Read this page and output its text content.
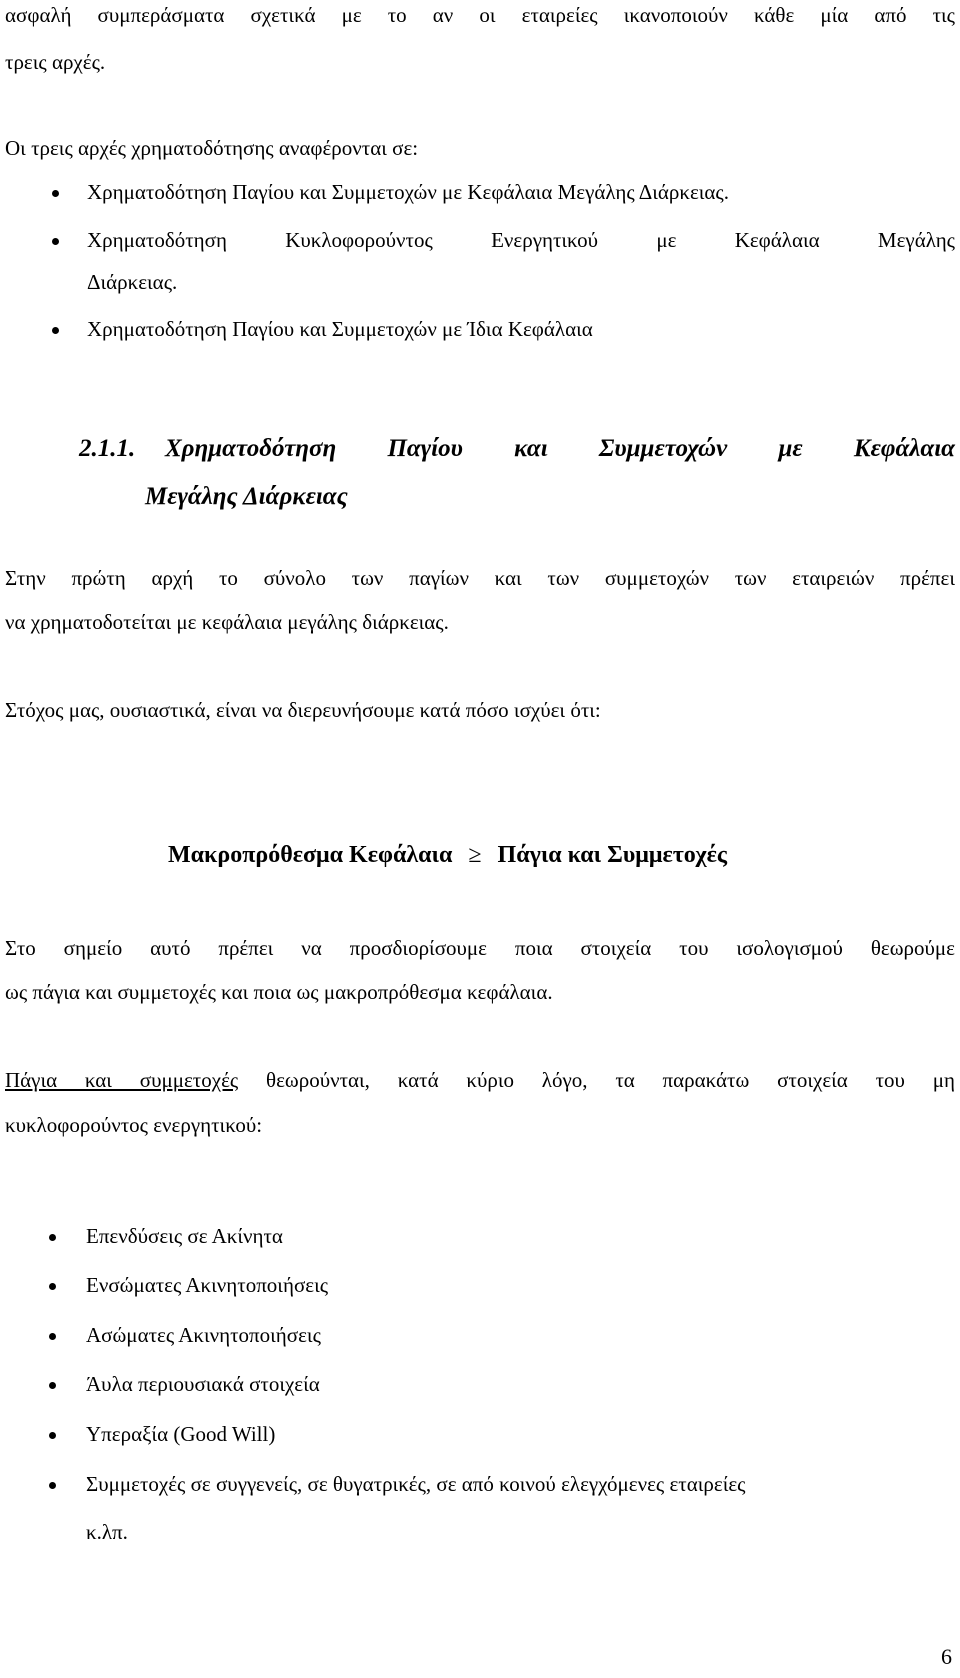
ασφαλή συμπεράσματα σχετικά με το αν οι εταιρείες ικανοποιούν κάθε μία από τις
τρεις αρχές.
Οι τρεις αρχές χρηματοδότησης αναφέρονται σε:
Χρηματοδότηση Παγίου και Συμμετοχών με Κεφάλαια Μεγάλης Διάρκειας.
Χρηματοδότηση Κυκλοφορούντος Ενεργητικού με Κεφάλαια Μεγάλης
Διάρκειας.
Χρηματοδότηση Παγίου και Συμμετοχών με Ίδια Κεφάλαια
2.1.1. Χρηματοδότηση Παγίου και Συμμετοχών με Κεφάλαια
Μεγάλης Διάρκειας
Στην πρώτη αρχή το σύνολο των παγίων και των συμμετοχών των εταιρειών πρέπει
να χρηματοδοτείται με κεφάλαια μεγάλης διάρκειας.
Στόχος μας, ουσιαστικά, είναι να διερευνήσουμε κατά πόσο ισχύει ότι:
Μακροπρόθεσμα Κεφάλαια ≥ Πάγια και Συμμετοχές
Στο σημείο αυτό πρέπει να προσδιορίσουμε ποια στοιχεία του ισολογισμού θεωρούμε
ως πάγια και συμμετοχές και ποια ως μακροπρόθεσμα κεφάλαια.
Πάγια και συμμετοχές θεωρούνται, κατά κύριο λόγο, τα παρακάτω στοιχεία του μη
κυκλοφορούντος ενεργητικού:
Επενδύσεις σε Ακίνητα
Ενσώματες Ακινητοποιήσεις
Ασώματες Ακινητοποιήσεις
Άυλα περιουσιακά στοιχεία
Υπεραξία (Good Will)
Συμμετοχές σε συγγενείς, σε θυγατρικές, σε από κοινού ελεγχόμενες εταιρείες
κ.λπ.
6
